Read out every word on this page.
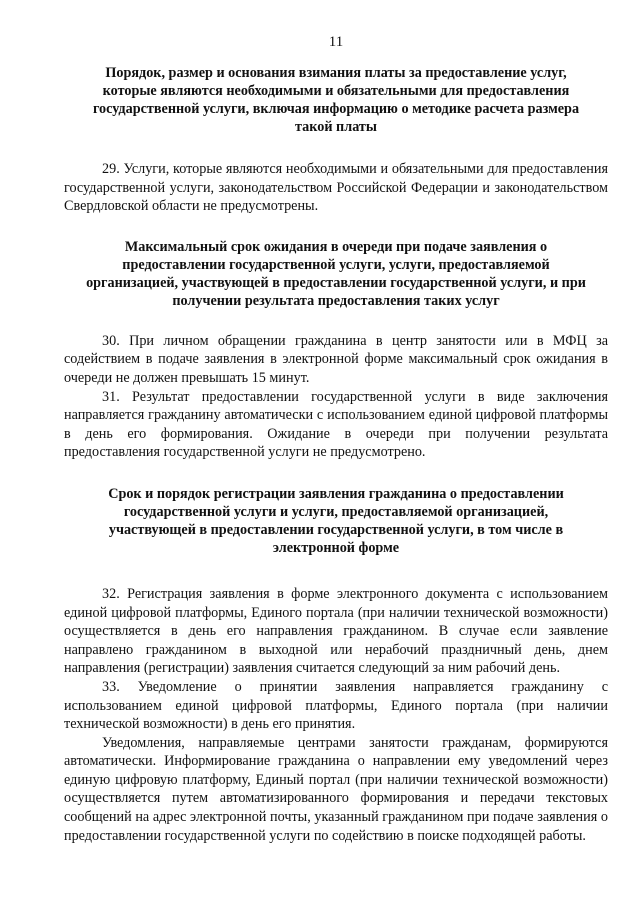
11
Порядок, размер и основания взимания платы за предоставление услуг, которые являются необходимыми и обязательными для предоставления государственной услуги, включая информацию о методике расчета размера такой платы

29. Услуги, которые являются необходимыми и обязательными для предоставления государственной услуги, законодательством Российской Федерации и законодательством Свердловской области не предусмотрены.

Максимальный срок ожидания в очереди при подаче заявления о предоставлении государственной услуги, услуги, предоставляемой организацией, участвующей в предоставлении государственной услуги, и при получении результата предоставления таких услуг

30. При личном обращении гражданина в центр занятости или в МФЦ за содействием в подаче заявления в электронной форме максимальный срок ожидания в очереди не должен превышать 15 минут.

31. Результат предоставлении государственной услуги в виде заключения направляется гражданину автоматически с использованием единой цифровой платформы в день его формирования. Ожидание в очереди при получении результата предоставления государственной услуги не предусмотрено.

Срок и порядок регистрации заявления гражданина о предоставлении государственной услуги и услуги, предоставляемой организацией, участвующей в предоставлении государственной услуги, в том числе в электронной форме

32. Регистрация заявления в форме электронного документа с использованием единой цифровой платформы, Единого портала (при наличии технической возможности) осуществляется в день его направления гражданином. В случае если заявление направлено гражданином в выходной или нерабочий праздничный день, днем направления (регистрации) заявления считается следующий за ним рабочий день.

33. Уведомление о принятии заявления направляется гражданину с использованием единой цифровой платформы, Единого портала (при наличии технической возможности) в день его принятия.

Уведомления, направляемые центрами занятости гражданам, формируются автоматически. Информирование гражданина о направлении ему уведомлений через единую цифровую платформу, Единый портал (при наличии технической возможности) осуществляется путем автоматизированного формирования и передачи текстовых сообщений на адрес электронной почты, указанный гражданином при подаче заявления о предоставлении государственной услуги по содействию в поиске подходящей работы.
